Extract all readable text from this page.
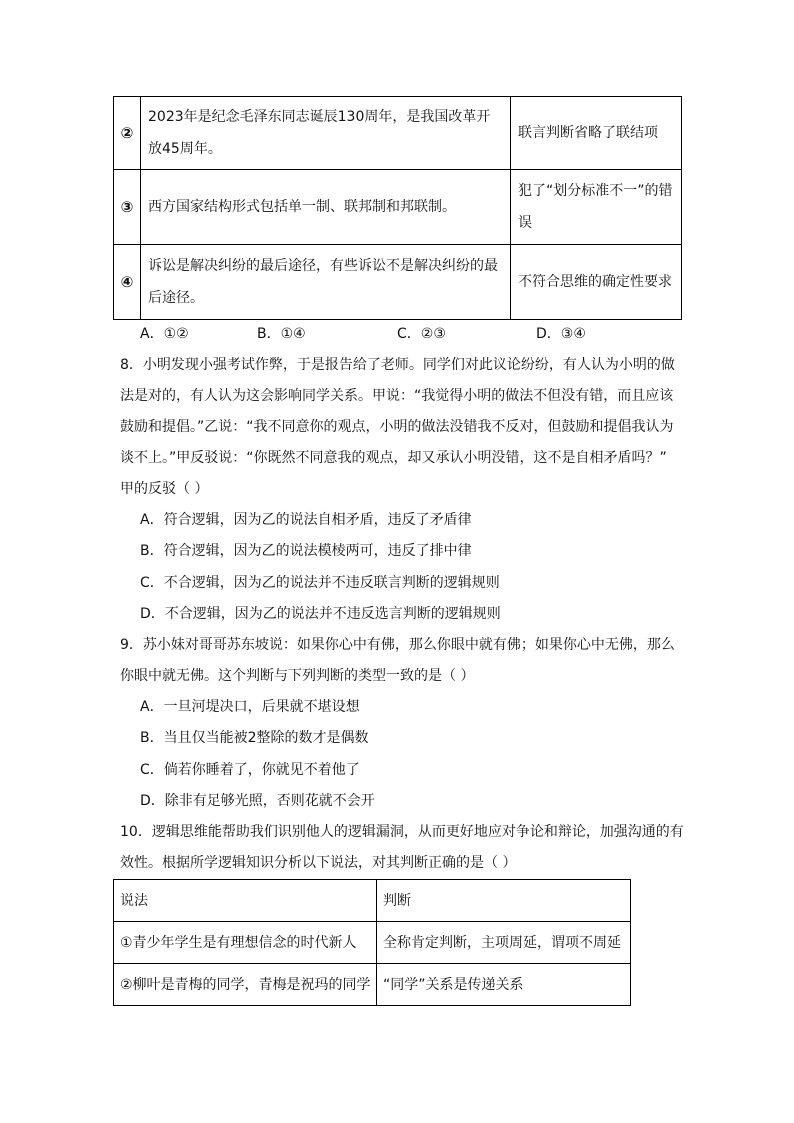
②	2023年是纪念毛泽东同志诞辰130周年，是我国改革开放45周年。	联言判断省略了联结项
③	西方国家结构形式包括单一制、联邦制和邦联制。	犯了“划分标准不一”的错误
④	诉讼是解决纠纷的最后途径，有些诉讼不是解决纠纷的最后途径。	不符合思维的确定性要求
A．①②	B．①④	C．②③	D．③④
8．小明发现小强考试作弊，于是报告给了老师。同学们对此议论纷纷，有人认为小明的做
法是对的，有人认为这会影响同学关系。甲说：“我觉得小明的做法不但没有错，而且应该
鼓励和提倡。”乙说：“我不同意你的观点，小明的做法没错我不反对，但鼓励和提倡我认为
谈不上。”甲反驳说：“你既然不同意我的观点，却又承认小明没错，这不是自相矛盾吗？”
甲的反驳（ ）
A．符合逻辑，因为乙的说法自相矛盾，违反了矛盾律
B．符合逻辑，因为乙的说法模棱两可，违反了排中律
C．不合逻辑，因为乙的说法并不违反联言判断的逻辑规则
D．不合逻辑，因为乙的说法并不违反选言判断的逻辑规则
9．苏小妹对哥哥苏东坡说：如果你心中有佛，那么你眼中就有佛；如果你心中无佛，那么
你眼中就无佛。这个判断与下列判断的类型一致的是（ ）
A．一旦河堤决口，后果就不堪设想
B．当且仅当能被2整除的数才是偶数
C．倘若你睡着了，你就见不着他了
D．除非有足够光照，否则花就不会开
10．逻辑思维能帮助我们识别他人的逻辑漏洞，从而更好地应对争论和辩论，加强沟通的有
效性。根据所学逻辑知识分析以下说法，对其判断正确的是（ ）
说法	判断
①青少年学生是有理想信念的时代新人	全称肯定判断，主项周延，谓项不周延
②柳叶是青梅的同学，青梅是祝玛的同学	“同学”关系是传递关系
